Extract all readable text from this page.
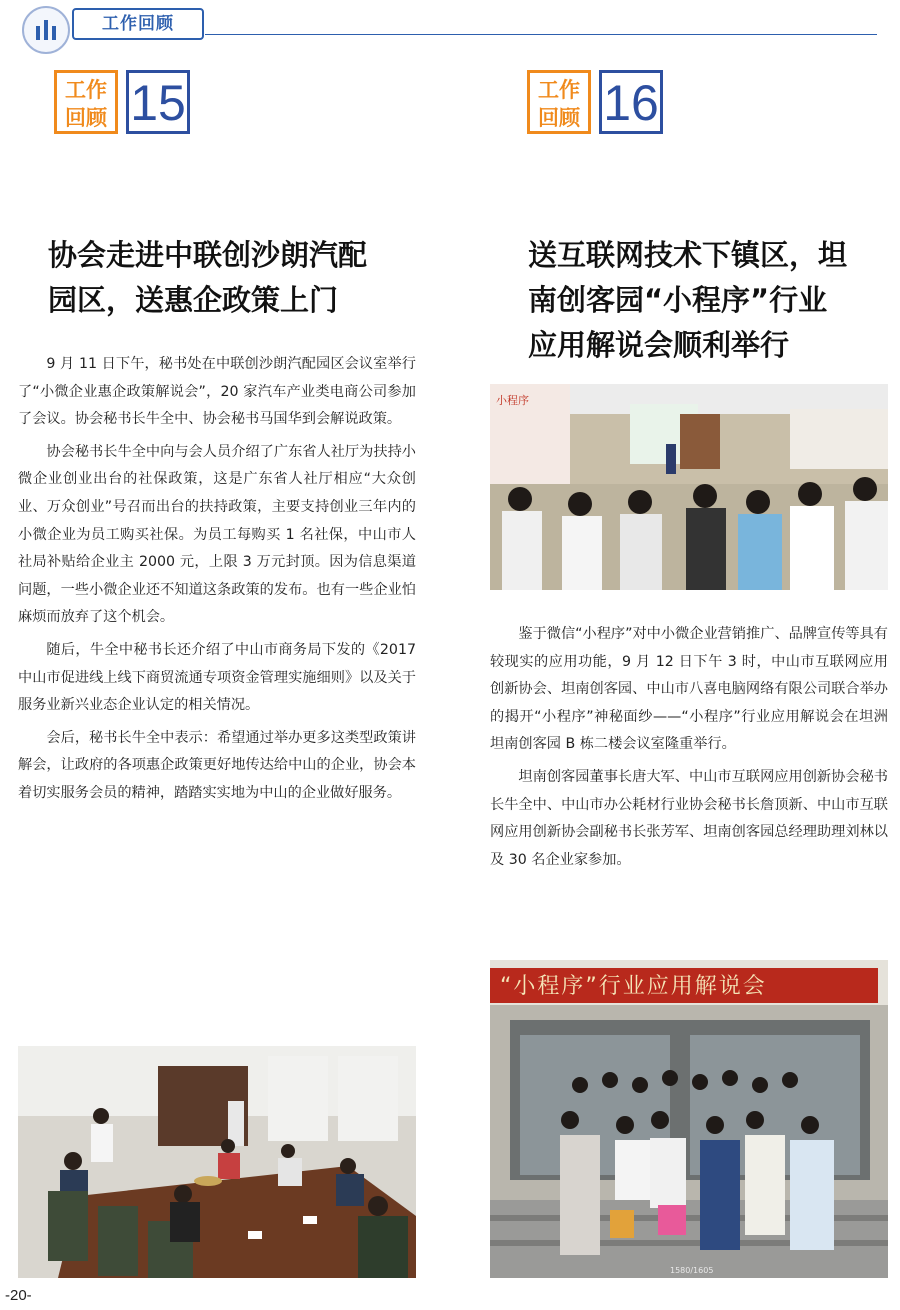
工作回顾
工作
回顾 15
协会走进中联创沙朗汽配
园区，送惠企政策上门

9 月 11 日下午，秘书处在中联创沙朗汽配园区会议室举行了“小微企业惠企政策解说会”，20 家汽车产业类电商公司参加了会议。协会秘书长牛全中、协会秘书马国华到会解说政策。

协会秘书长牛全中向与会人员介绍了广东省人社厅为扶持小微企业创业出台的社保政策，这是广东省人社厅相应“大众创业、万众创业”号召而出台的扶持政策，主要支持创业三年内的小微企业为员工购买社保。为员工每购买 1 名社保，中山市人社局补贴给企业主 2000 元，上限 3 万元封顶。因为信息渠道问题，一些小微企业还不知道这条政策的发布。也有一些企业怕麻烦而放弃了这个机会。

随后，牛全中秘书长还介绍了中山市商务局下发的《2017 中山市促进线上线下商贸流通专项资金管理实施细则》以及关于服务业新兴业态企业认定的相关情况。

会后，秘书长牛全中表示：希望通过举办更多这类型政策讲解会，让政府的各项惠企政策更好地传达给中山的企业，协会本着切实服务会员的精神，踏踏实实地为中山的企业做好服务。

工作
回顾 16
送互联网技术下镇区，坦
南创客园“小程序”行业
应用解说会顺利举行
小程序

鉴于微信“小程序”对中小微企业营销推广、品牌宣传等具有较现实的应用功能，9 月 12 日下午 3 时，中山市互联网应用创新协会、坦南创客园、中山市八喜电脑网络有限公司联合举办的揭开“小程序”神秘面纱——“小程序”行业应用解说会在坦洲坦南创客园 B 栋二楼会议室隆重举行。

坦南创客园董事长唐大军、中山市互联网应用创新协会秘书长牛全中、中山市办公耗材行业协会秘书长詹顶新、中山市互联网应用创新协会副秘书长张芳军、坦南创客园总经理助理刘林以及 30 名企业家参加。

“小程序”行业应用解说会
1580/1605
-20-
